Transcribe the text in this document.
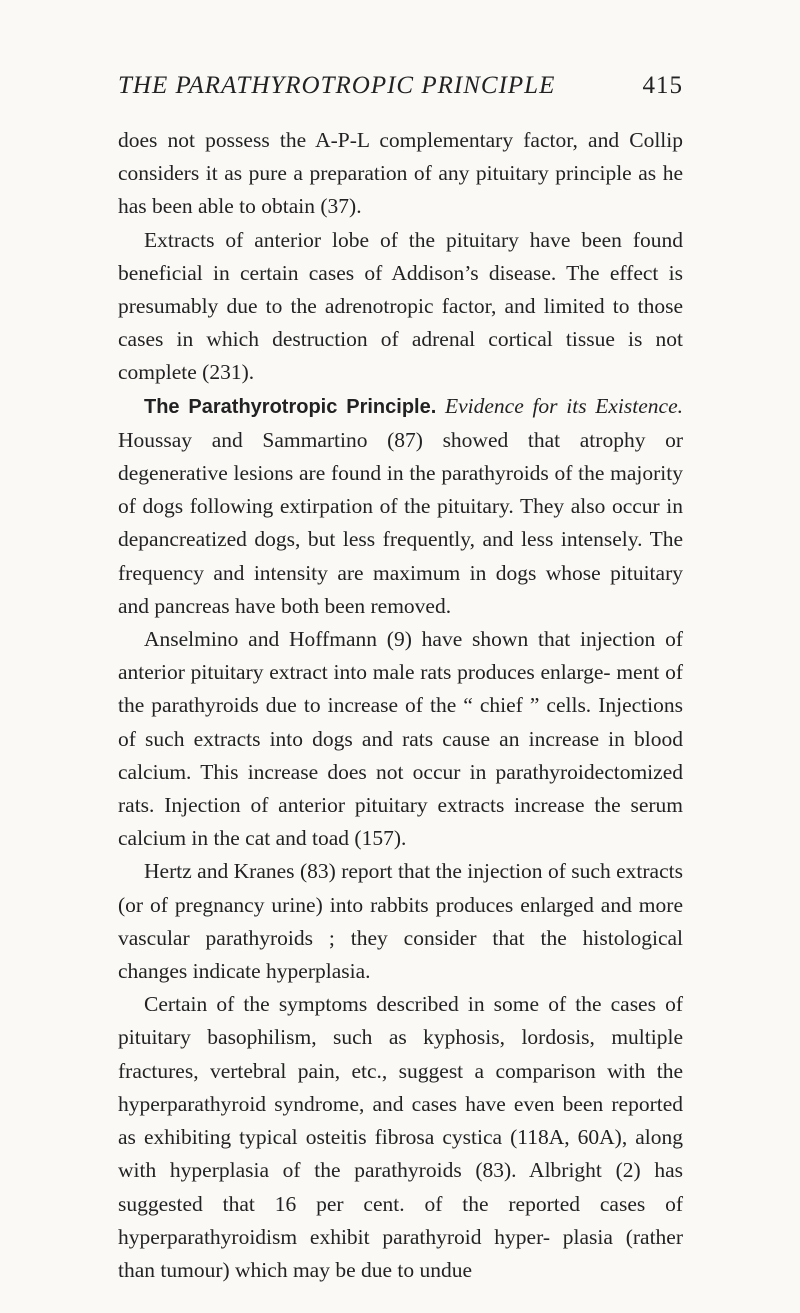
THE PARATHYROTROPIC PRINCIPLE	415

does not possess the A-P-L complementary factor, and Collip considers it as pure a preparation of any pituitary principle as he has been able to obtain (37).

Extracts of anterior lobe of the pituitary have been found beneficial in certain cases of Addison’s disease. The effect is presumably due to the adrenotropic factor, and limited to those cases in which destruction of adrenal cortical tissue is not complete (231).

The Parathyrotropic Principle. Evidence for its Existence. Houssay and Sammartino (87) showed that atrophy or degenerative lesions are found in the parathyroids of the majority of dogs following extirpation of the pituitary. They also occur in depancreatized dogs, but less frequently, and less intensely. The frequency and intensity are maximum in dogs whose pituitary and pancreas have both been removed.

Anselmino and Hoffmann (9) have shown that injection of anterior pituitary extract into male rats produces enlarge- ment of the parathyroids due to increase of the “ chief ” cells. Injections of such extracts into dogs and rats cause an increase in blood calcium. This increase does not occur in parathyroidectomized rats. Injection of anterior pituitary extracts increase the serum calcium in the cat and toad (157).

Hertz and Kranes (83) report that the injection of such extracts (or of pregnancy urine) into rabbits produces enlarged and more vascular parathyroids ; they consider that the histological changes indicate hyperplasia.

Certain of the symptoms described in some of the cases of pituitary basophilism, such as kyphosis, lordosis, multiple fractures, vertebral pain, etc., suggest a comparison with the hyperparathyroid syndrome, and cases have even been reported as exhibiting typical osteitis fibrosa cystica (118A, 60A), along with hyperplasia of the parathyroids (83). Albright (2) has suggested that 16 per cent. of the reported cases of hyperparathyroidism exhibit parathyroid hyper- plasia (rather than tumour) which may be due to undue
